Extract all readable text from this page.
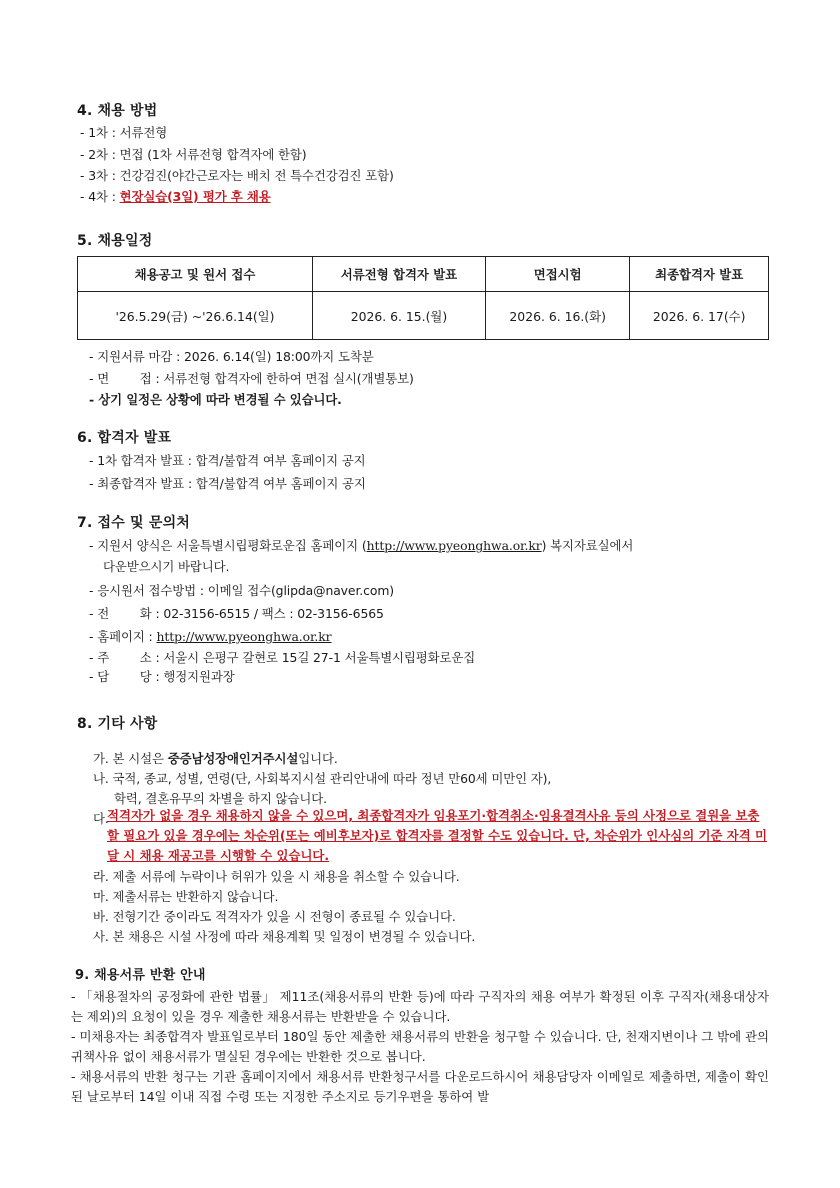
4. 채용 방법
- 1차 : 서류전형
- 2차 : 면접 (1차 서류전형 합격자에 한함)
- 3차 : 건강검진(야간근로자는 배치 전 특수건강검진 포함)
- 4차 : 현장실습(3일) 평가 후 채용
5. 채용일정
채용공고 및 원서 접수	서류전형 합격자 발표	면접시험	최종합격자 발표
'26.5.29(금) ~'26.6.14(일)	2026. 6. 15.(월)	2026. 6. 16.(화)	2026. 6. 17(수)
- 지원서류 마감 : 2026. 6.14(일) 18:00까지 도착분
- 면        접 : 서류전형 합격자에 한하여 면접 실시(개별통보)
- 상기 일정은 상황에 따라 변경될 수 있습니다.
6. 합격자 발표
- 1차 합격자 발표 : 합격/불합격 여부 홈페이지 공지
- 최종합격자 발표 : 합격/불합격 여부 홈페이지 공지
7. 접수 및 문의처
- 지원서 양식은 서울특별시립평화로운집 홈페이지 (http://www.pyeonghwa.or.kr) 복지자료실에서
다운받으시기 바랍니다.
- 응시원서 접수방법 : 이메일 접수(glipda@naver.com)
- 전        화 : 02-3156-6515 / 팩스 : 02-3156-6565
- 홈페이지 : http://www.pyeonghwa.or.kr
- 주        소 : 서울시 은평구 갈현로 15길 27-1 서울특별시립평화로운집
- 담        당 : 행정지원과장
8. 기타 사항
가. 본 시설은 중증남성장애인거주시설입니다.
나. 국적, 종교, 성별, 연령(단, 사회복지시설 관리안내에 따라 정년 만60세 미만인 자),
학력, 결혼유무의 차별을 하지 않습니다.
다.
적격자가 없을 경우 채용하지 않을 수 있으며, 최종합격자가 임용포기·합격취소·임용결격사유 등의 사정으로 결원을 보충할 필요가 있을 경우에는 차순위(또는 예비후보자)로 합격자를 결정할 수도 있습니다. 단, 차순위가 인사심의 기준 자격 미달 시 채용 재공고를 시행할 수 있습니다.
라. 제출 서류에 누락이나 허위가 있을 시 채용을 취소할 수 있습니다.
마. 제출서류는 반환하지 않습니다.
바. 전형기간 중이라도 적격자가 있을 시 전형이 종료될 수 있습니다.
사. 본 채용은 시설 사정에 따라 채용계획 및 일정이 변경될 수 있습니다.
9. 채용서류 반환 안내
- 「채용절차의 공정화에 관한 법률」 제11조(채용서류의 반환 등)에 따라 구직자의 채용 여부가 확정된 이후 구직자(채용대상자는 제외)의 요청이 있을 경우 제출한 채용서류는 반환받을 수 있습니다.
- 미채용자는 최종합격자 발표일로부터 180일 동안 제출한 채용서류의 반환을 청구할 수 있습니다. 단, 천재지변이나 그 밖에 관의 귀책사유 없이 채용서류가 멸실된 경우에는 반환한 것으로 봅니다.
- 채용서류의 반환 청구는 기관 홈페이지에서 채용서류 반환청구서를 다운로드하시어 채용담당자 이메일로 제출하면, 제출이 확인된 날로부터 14일 이내 직접 수령 또는 지정한 주소지로 등기우편을 통하여 발
